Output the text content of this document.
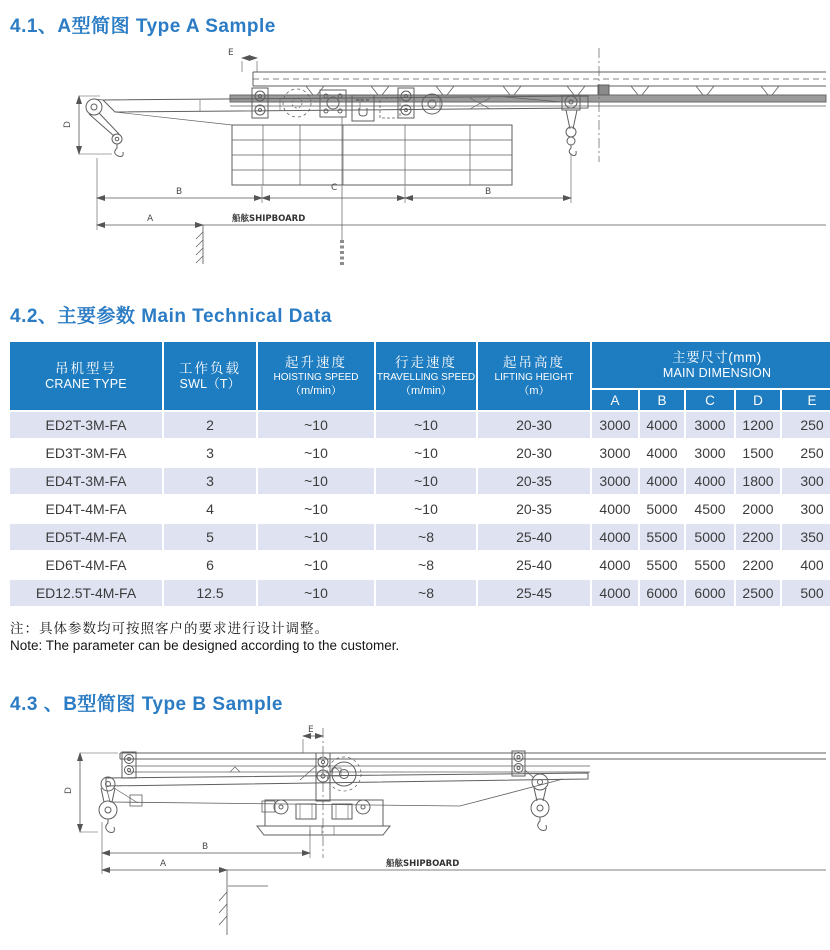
4.1、A型简图 Type A Sample
E
D
B	C	B
A	船舷SHIPBOARD
4.2、主要参数 Main Technical Data
吊机型号
CRANE TYPE

工作负载
SWL（T）

起升速度
HOISTING SPEED
（m/min）

行走速度
TRAVELLING SPEED
（m/min）

起吊高度
LIFTING HEIGHT
（m）

主要尺寸(mm)
MAIN DIMENSION

					A	B	C	D	E
ED2T-3M-FA	2	~10	~10	20-30	3000	4000	3000	1200	250
ED3T-3M-FA	3	~10	~10	20-30	3000	4000	3000	1500	250
ED4T-3M-FA	3	~10	~10	20-35	3000	4000	4000	1800	300
ED4T-4M-FA	4	~10	~10	20-35	4000	5000	4500	2000	300
ED5T-4M-FA	5	~10	~8	25-40	4000	5500	5000	2200	350
ED6T-4M-FA	6	~10	~8	25-40	4000	5500	5500	2200	400
ED12.5T-4M-FA	12.5	~10	~8	25-45	4000	6000	6000	2500	500
注：具体参数均可按照客户的要求进行设计调整。
Note: The parameter can be designed according to the customer.
4.3 、B型简图 Type B Sample
E
D
B
A	船舷SHIPBOARD
